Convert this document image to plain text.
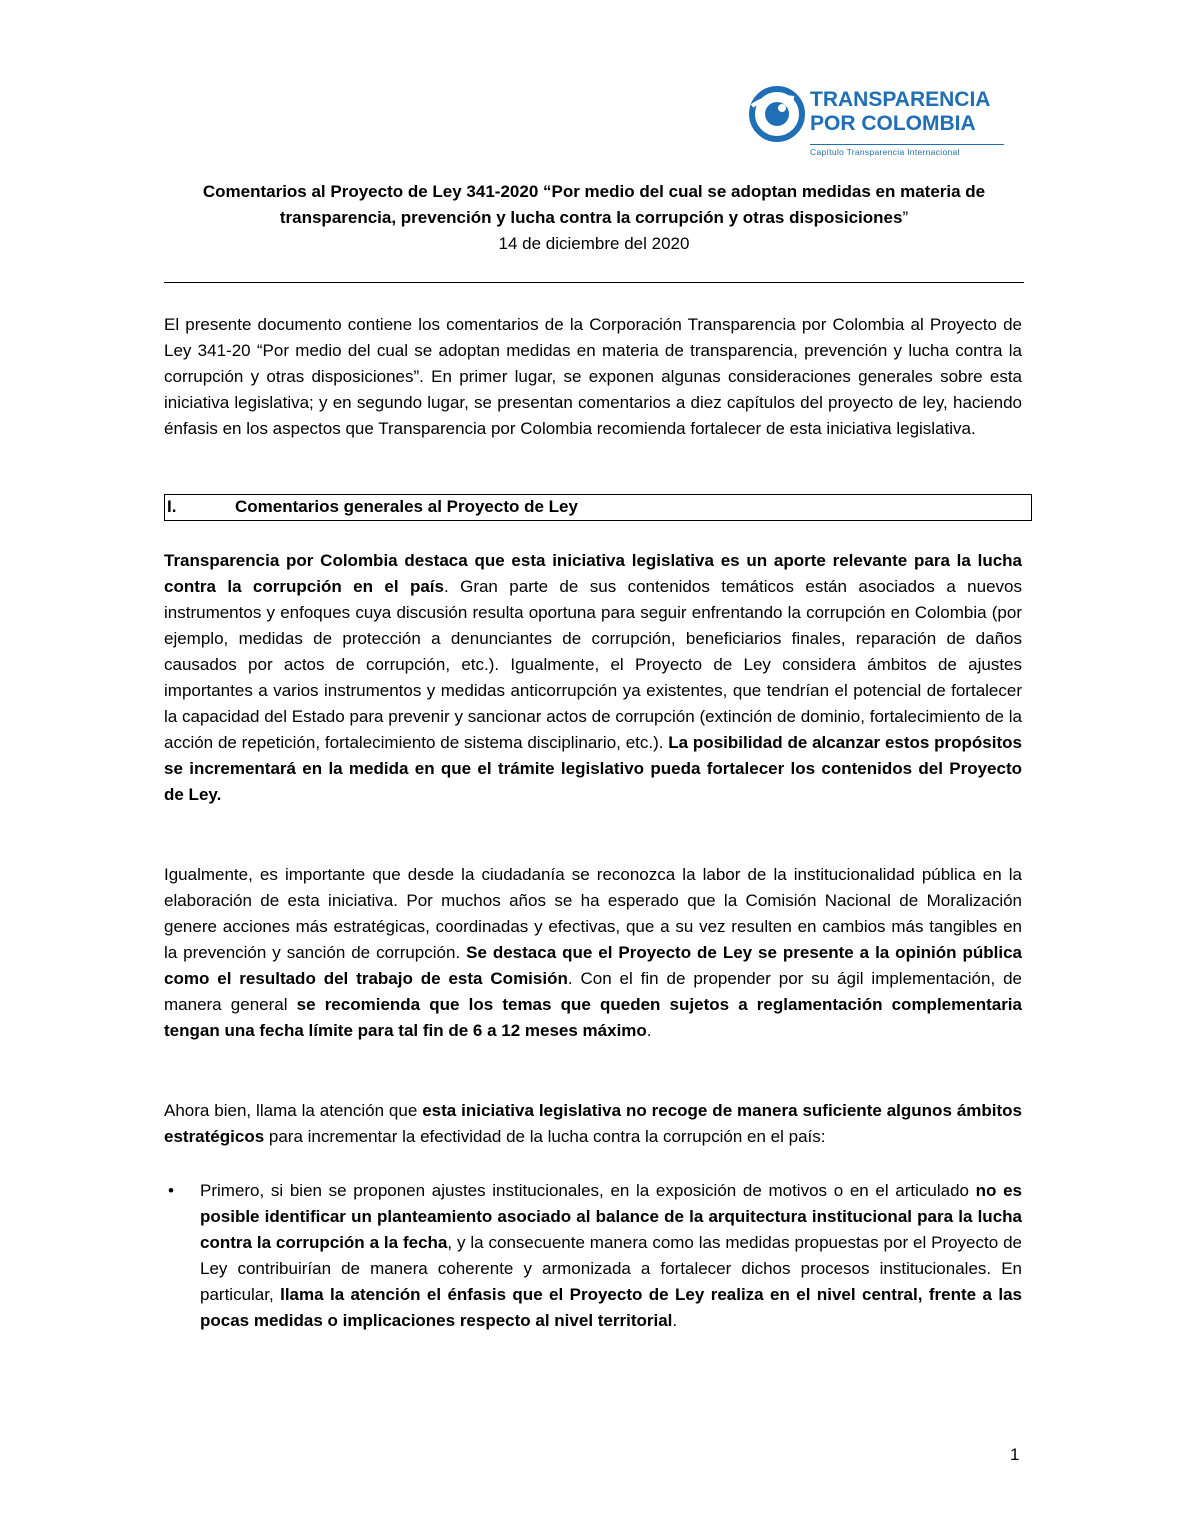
TRANSPARENCIA
POR COLOMBIA
Capítulo Transparencia Internacional
Comentarios al Proyecto de Ley 341-2020 “Por medio del cual se adoptan medidas en materia de transparencia, prevención y lucha contra la corrupción y otras disposiciones”
14 de diciembre del 2020
El presente documento contiene los comentarios de la Corporación Transparencia por Colombia al Proyecto de Ley 341-20 “Por medio del cual se adoptan medidas en materia de transparencia, prevención y lucha contra la corrupción y otras disposiciones”. En primer lugar, se exponen algunas consideraciones generales sobre esta iniciativa legislativa; y en segundo lugar, se presentan comentarios a diez capítulos del proyecto de ley, haciendo énfasis en los aspectos que Transparencia por Colombia recomienda fortalecer de esta iniciativa legislativa.
I.	Comentarios generales al Proyecto de Ley
Transparencia por Colombia destaca que esta iniciativa legislativa es un aporte relevante para la lucha contra la corrupción en el país. Gran parte de sus contenidos temáticos están asociados a nuevos instrumentos y enfoques cuya discusión resulta oportuna para seguir enfrentando la corrupción en Colombia (por ejemplo, medidas de protección a denunciantes de corrupción, beneficiarios finales, reparación de daños causados por actos de corrupción, etc.). Igualmente, el Proyecto de Ley considera ámbitos de ajustes importantes a varios instrumentos y medidas anticorrupción ya existentes, que tendrían el potencial de fortalecer la capacidad del Estado para prevenir y sancionar actos de corrupción (extinción de dominio, fortalecimiento de la acción de repetición, fortalecimiento de sistema disciplinario, etc.). La posibilidad de alcanzar estos propósitos se incrementará en la medida en que el trámite legislativo pueda fortalecer los contenidos del Proyecto de Ley.
Igualmente, es importante que desde la ciudadanía se reconozca la labor de la institucionalidad pública en la elaboración de esta iniciativa. Por muchos años se ha esperado que la Comisión Nacional de Moralización genere acciones más estratégicas, coordinadas y efectivas, que a su vez resulten en cambios más tangibles en la prevención y sanción de corrupción. Se destaca que el Proyecto de Ley se presente a la opinión pública como el resultado del trabajo de esta Comisión. Con el fin de propender por su ágil implementación, de manera general se recomienda que los temas que queden sujetos a reglamentación complementaria tengan una fecha límite para tal fin de 6 a 12 meses máximo.
Ahora bien, llama la atención que esta iniciativa legislativa no recoge de manera suficiente algunos ámbitos estratégicos para incrementar la efectividad de la lucha contra la corrupción en el país:
• Primero, si bien se proponen ajustes institucionales, en la exposición de motivos o en el articulado no es posible identificar un planteamiento asociado al balance de la arquitectura institucional para la lucha contra la corrupción a la fecha, y la consecuente manera como las medidas propuestas por el Proyecto de Ley contribuirían de manera coherente y armonizada a fortalecer dichos procesos institucionales. En particular, llama la atención el énfasis que el Proyecto de Ley realiza en el nivel central, frente a las pocas medidas o implicaciones respecto al nivel territorial.
1
